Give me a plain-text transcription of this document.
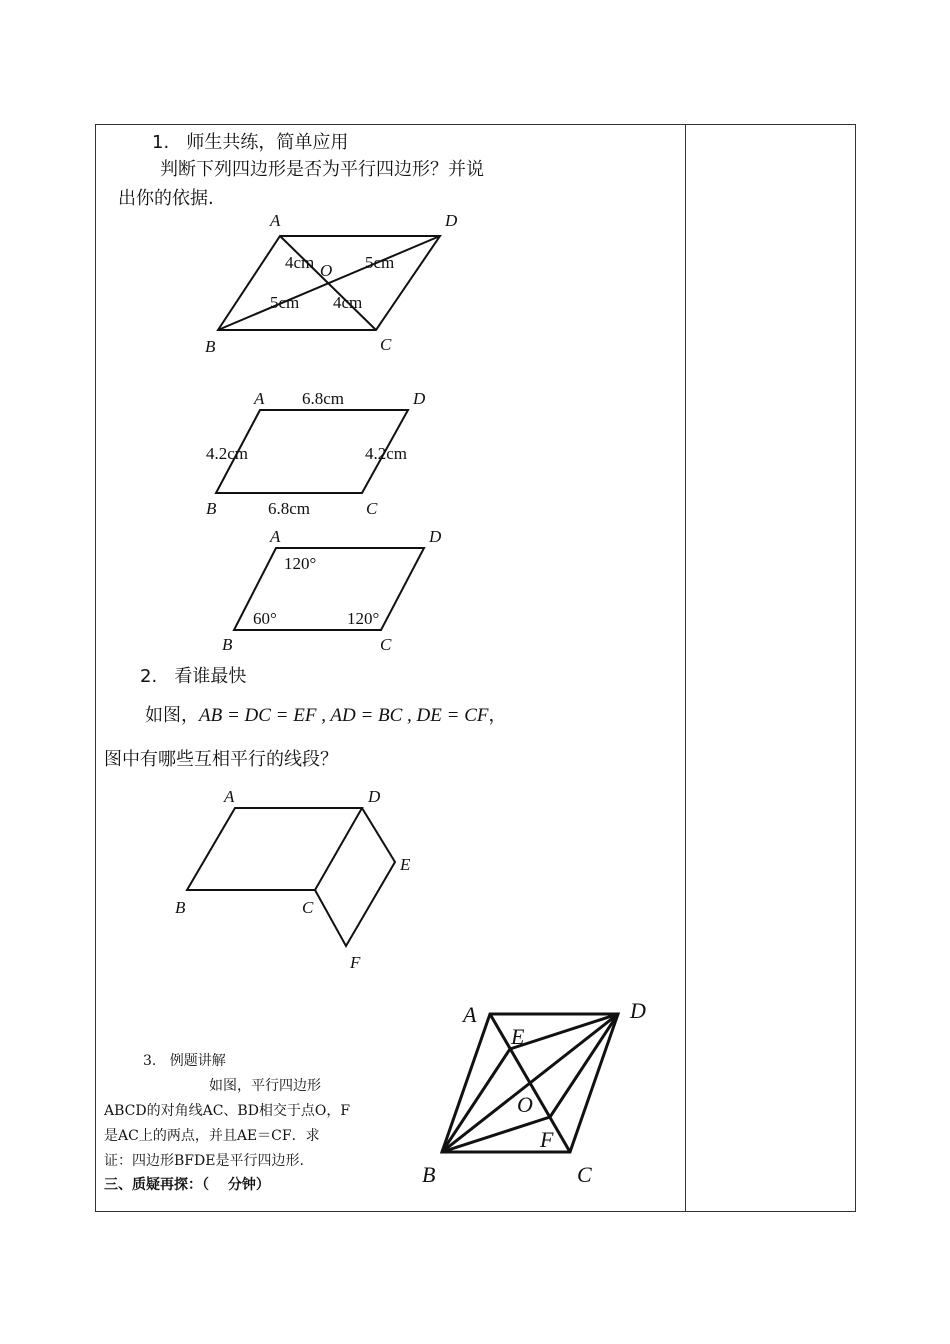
1. 师生共练，简单应用
判断下列四边形是否为平行四边形？并说
出你的依据.
A	D
B	C
O
4cm	5cm
5cm 4cm
A	D
B	C
6.8cm
6.8cm
4.2cm	4.2cm
A	D
B	C
120°
60°	120°
2. 看谁最快
如图，AB = DC = EF , AD = BC , DE = CF，
图中有哪些互相平行的线段？
A	D
E
B	C
F
3. 例题讲解
如图，平行四边形
ABCD的对角线AC、BD相交于点O，F
是AC上的两点，并且AE＝CF．求
证：四边形BFDE是平行四边形.
A	D
E
O
F
B	C
三、质疑再探：（　 分钟）
